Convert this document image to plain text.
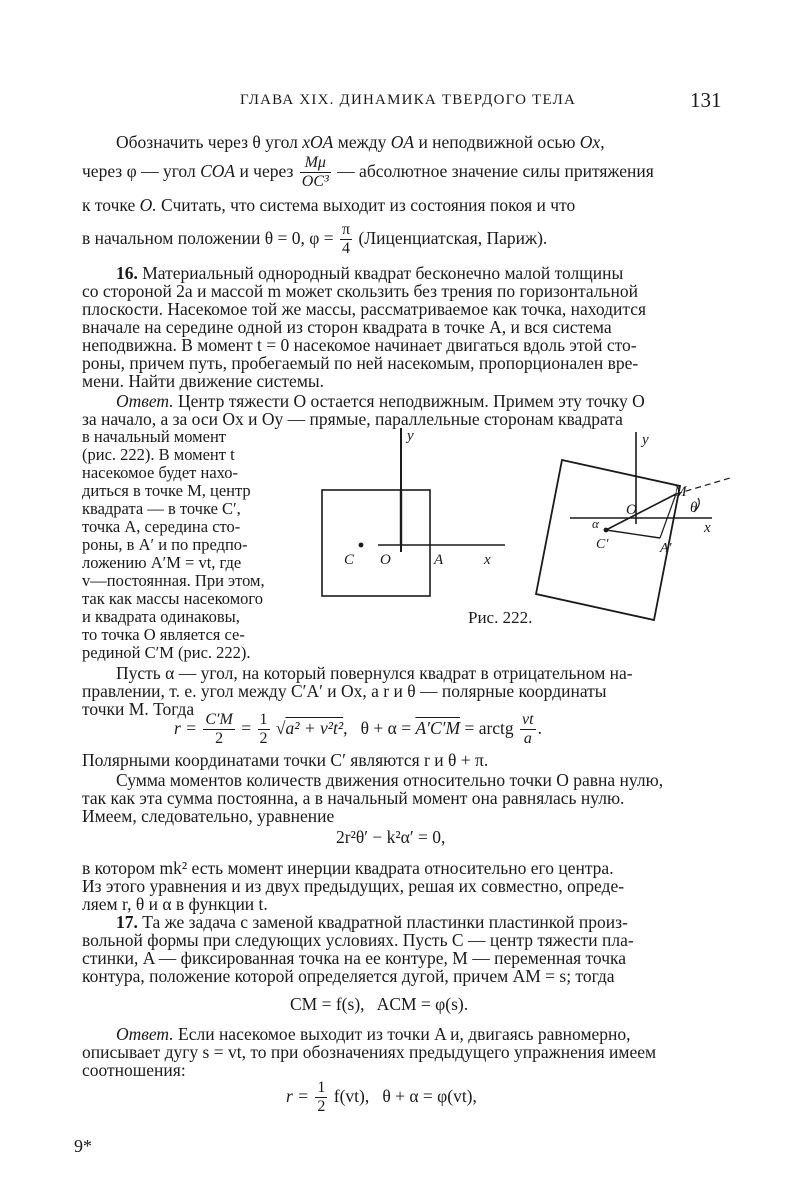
ГЛАВА XIX. ДИНАМИКА ТВЕРДОГО ТЕЛА	131
Обозначить через θ угол xOA между OA и неподвижной осью Ox,
через φ — угол COA и через $\frac{M\mu}{\text{OC³}}$ — абсолютное значение силы притяжения
к точке O. Считать, что система выходит из состояния покоя и что
в начальном положении θ = 0, $\varphi = \frac{\pi}{4}$ (Лиценциатская, Париж).
16. Материальный однородный квадрат бесконечно малой толщины
со стороной 2a и массой m может скользить без трения по горизонтальной
плоскости. Насекомое той же массы, рассматриваемое как точка, находится
вначале на середине одной из сторон квадрата в точке A, и вся система
неподвижна. В момент t = 0 насекомое начинает двигаться вдоль этой сто-
роны, причем путь, пробегаемый по ней насекомым, пропорционален вре-
мени. Найти движение системы.
Ответ. Центр тяжести O остается неподвижным. Примем эту точку O
за начало, а за оси Ox и Oy — прямые, параллельные сторонам квадрата
в начальный момент
(рис. 222). В момент t
насекомое будет нахо-
диться в точке M, центр
квадрата — в точке C′,
точка A, середина сто-
роны, в A′ и по предпо-
ложению A′M = vt, где
v—постоянная. При этом,
так как массы насекомого
и квадрата одинаковы,
то точка O является се-
рединой C′M (рис. 222).
y
C O	A	x
y
M
O	θ
x
α
C′	A′
Рис. 222.
Пусть α — угол, на который повернулся квадрат в отрицательном на-
правлении, т. е. угол между C′A′ и Ox, а r и θ — полярные координаты
точки M. Тогда
$r = \frac{C'M}{2} = \frac{1}{2} √a^2 + v^2t^2$,   θ + α = A′C′M = arctg $\frac{vt}{a}$ .
Полярными координатами точки C′ являются r и θ + π.
Сумма моментов количеств движения относительно точки O равна нулю,
так как эта сумма постоянна, а в начальный момент она равнялась нулю.
Имеем, следовательно, уравнение
2r²θ′ − k²α′ = 0,
в котором mk² есть момент инерции квадрата относительно его центра.
Из этого уравнения и из двух предыдущих, решая их совместно, опреде-
ляем r, θ и α в функции t.
17. Та же задача с заменой квадратной пластинки пластинкой произ-
вольной формы при следующих условиях. Пусть C — центр тяжести пла-
стинки, A — фиксированная точка на ее контуре, M — переменная точка
контура, положение которой определяется дугой, причем AM = s; тогда
CM = f(s),   ACM = φ(s).
Ответ. Если насекомое выходит из точки A и, двигаясь равномерно,
описывает дугу s = vt, то при обозначениях предыдущего упражнения имеем
соотношения:
$r = \frac{1}{2} f(vt)$,   θ + α = φ(vt),
9*
